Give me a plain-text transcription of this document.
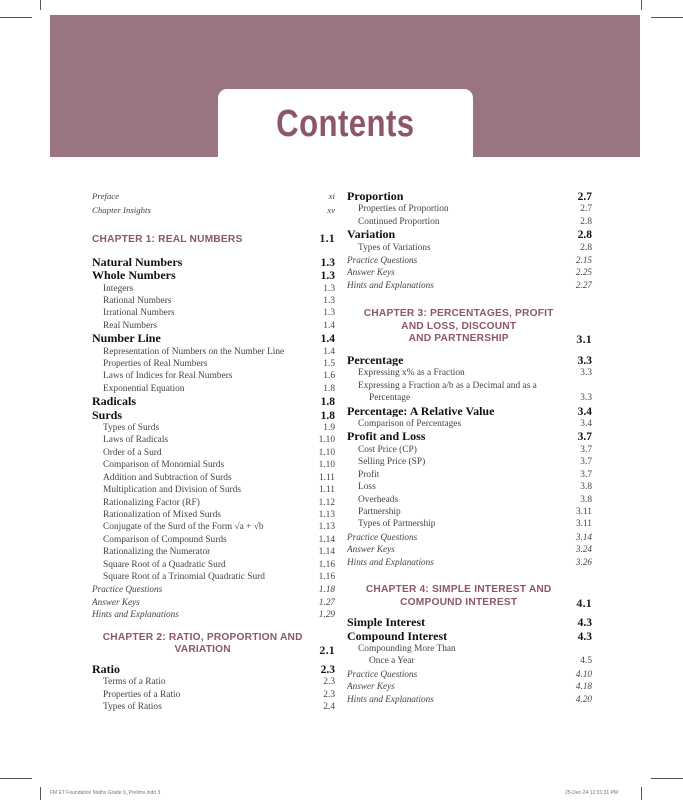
Contents
Preface	xi
Chapter Insights	xv
CHAPTER 1: REAL NUMBERS	1.1
Natural Numbers	1.3
Whole Numbers	1.3
Integers	1.3
Rational Numbers	1.3
Irrational Numbers	1.3
Real Numbers	1.4
Number Line	1.4
Representation of Numbers on the Number Line	1.4
Properties of Real Numbers	1.5
Laws of Indices for Real Numbers	1.6
Exponential Equation	1.8
Radicals	1.8
Surds	1.8
Types of Surds	1.9
Laws of Radicals	1.10
Order of a Surd	1.10
Comparison of Monomial Surds	1.10
Addition and Subtraction of Surds	1.11
Multiplication and Division of Surds	1.11
Rationalizing Factor (RF)	1.12
Rationalization of Mixed Surds	1.13
Conjugate of the Surd of the Form √a + √b	1.13
Comparison of Compound Surds	1.14
Rationalizing the Numerator	1.14
Square Root of a Quadratic Surd	1.16
Square Root of a Trinomial Quadratic Surd	1.16
Practice Questions	1.18
Answer Keys	1.27
Hints and Explanations	1.29
CHAPTER 2: RATIO, PROPORTION AND
VARIATION	2.1
Ratio	2.3
Terms of a Ratio	2.3
Properties of a Ratio	2.3
Types of Ratios	2.4
Proportion	2.7
Properties of Proportion	2.7
Continued Proportion	2.8
Variation	2.8
Types of Variations	2.8
Practice Questions	2.15
Answer Keys	2.25
Hints and Explanations	2.27
CHAPTER 3: PERCENTAGES, PROFIT
AND LOSS, DISCOUNT
AND PARTNERSHIP	3.1
Percentage	3.3
Expressing x% as a Fraction	3.3
Expressing a Fraction a/b as a Decimal and as a
Percentage	3.3
Percentage: A Relative Value	3.4
Comparison of Percentages	3.4
Profit and Loss	3.7
Cost Price (CP)	3.7
Selling Price (SP)	3.7
Profit	3.7
Loss	3.8
Overheads	3.8
Partnership	3.11
Types of Partnership	3.11
Practice Questions	3.14
Answer Keys	3.24
Hints and Explanations	3.26
CHAPTER 4: SIMPLE INTEREST AND
COMPOUND INTEREST	4.1
Simple Interest	4.3
Compound Interest	4.3
Compounding More Than
Once a Year	4.5
Practice Questions	4.10
Answer Keys	4.18
Hints and Explanations	4.20
FM ET Foundation Maths Grade 9_Prelims.indd 3	25-Dec-24 12:31:31 PM
